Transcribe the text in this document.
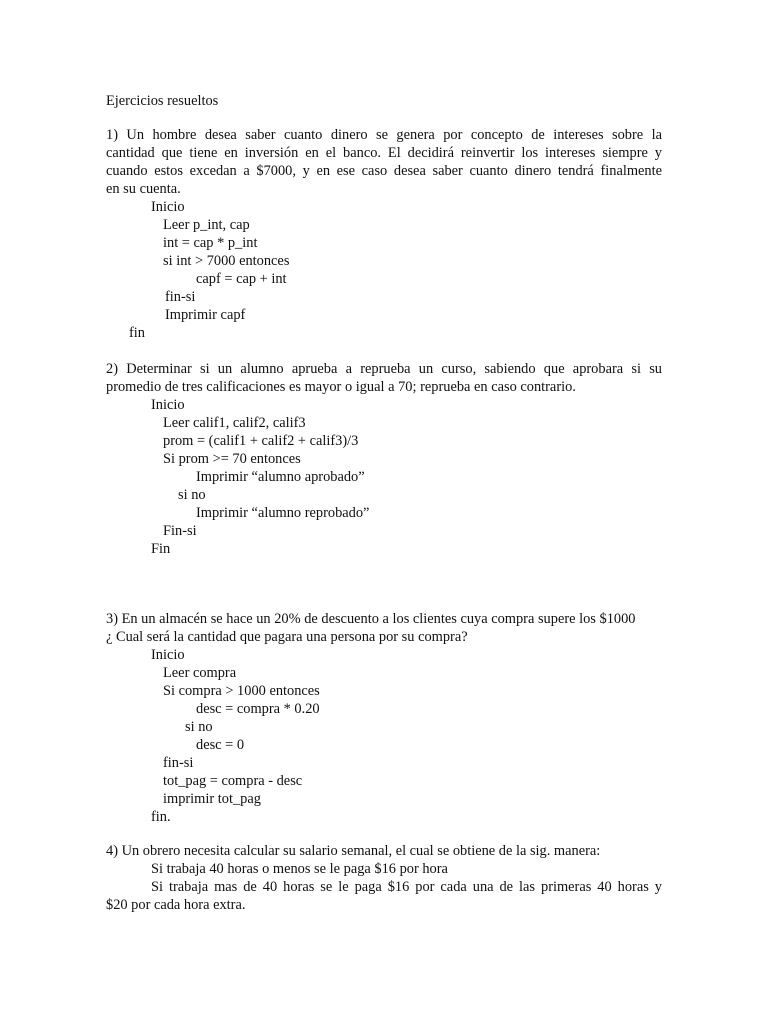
Ejercicios resueltos

1) Un hombre desea saber cuanto dinero se genera por concepto de intereses sobre la

cantidad que tiene en inversión en el banco. El decidirá reinvertir los intereses siempre y

cuando estos excedan a $7000, y en ese caso desea saber cuanto dinero tendrá finalmente

en su cuenta.

Inicio

Leer p_int, cap

int = cap * p_int

si int > 7000 entonces

capf = cap + int

fin-si

Imprimir capf

fin

2) Determinar si un alumno aprueba a reprueba un curso, sabiendo que aprobara si su

promedio de tres calificaciones es mayor o igual a 70; reprueba en caso contrario.

Inicio

Leer calif1, calif2, calif3

prom = (calif1 + calif2 + calif3)/3

Si prom >= 70 entonces

Imprimir “alumno aprobado”

si no

Imprimir “alumno reprobado”

Fin-si

Fin

3) En un almacén se hace un 20% de descuento a los clientes cuya compra supere los $1000

¿ Cual será la cantidad que pagara una persona por su compra?

Inicio

Leer compra

Si compra > 1000 entonces

desc = compra * 0.20

si no

desc = 0

fin-si

tot_pag = compra - desc

imprimir tot_pag

fin.

4) Un obrero necesita calcular su salario semanal, el cual se obtiene de la sig. manera:

Si trabaja 40 horas o menos se le paga $16 por hora

Si trabaja mas de 40 horas se le paga $16 por cada una de las primeras 40 horas y

$20 por cada hora extra.
